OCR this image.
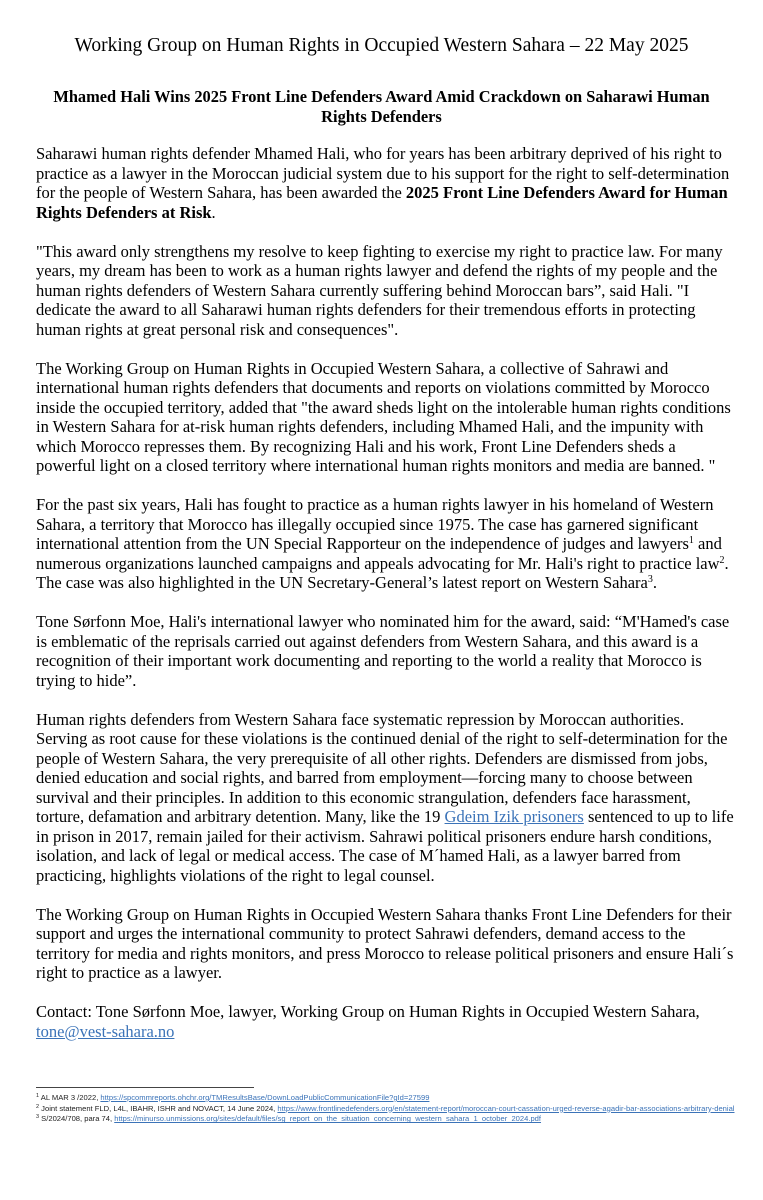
Working Group on Human Rights in Occupied Western Sahara – 22 May 2025
Mhamed Hali Wins 2025 Front Line Defenders Award Amid Crackdown on Saharawi Human Rights Defenders

Saharawi human rights defender Mhamed Hali, who for years has been arbitrary deprived of his right to practice as a lawyer in the Moroccan judicial system due to his support for the right to self-determination for the people of Western Sahara, has been awarded the 2025 Front Line Defenders Award for Human Rights Defenders at Risk.

"This award only strengthens my resolve to keep fighting to exercise my right to practice law. For many years, my dream has been to work as a human rights lawyer and defend the rights of my people and the human rights defenders of Western Sahara currently suffering behind Moroccan bars”, said Hali. "I dedicate the award to all Saharawi human rights defenders for their tremendous efforts in protecting human rights at great personal risk and consequences".

The Working Group on Human Rights in Occupied Western Sahara, a collective of Sahrawi and international human rights defenders that documents and reports on violations committed by Morocco inside the occupied territory, added that "the award sheds light on the intolerable human rights conditions in Western Sahara for at-risk human rights defenders, including Mhamed Hali, and the impunity with which Morocco represses them. By recognizing Hali and his work, Front Line Defenders sheds a powerful light on a closed territory where international human rights monitors and media are banned. "

For the past six years, Hali has fought to practice as a human rights lawyer in his homeland of Western Sahara, a territory that Morocco has illegally occupied since 1975. The case has garnered significant international attention from the UN Special Rapporteur on the independence of judges and lawyers$^1$ and numerous organizations launched campaigns and appeals advocating for Mr. Hali's right to practice law$^2$. The case was also highlighted in the UN Secretary-General’s latest report on Western Sahara$^3$.

Tone Sørfonn Moe, Hali's international lawyer who nominated him for the award, said: “M'Hamed's case is emblematic of the reprisals carried out against defenders from Western Sahara, and this award is a recognition of their important work documenting and reporting to the world a reality that Morocco is trying to hide”.

Human rights defenders from Western Sahara face systematic repression by Moroccan authorities. Serving as root cause for these violations is the continued denial of the right to self-determination for the people of Western Sahara, the very prerequisite of all other rights. Defenders are dismissed from jobs, denied education and social rights, and barred from employment—forcing many to choose between survival and their principles. In addition to this economic strangulation, defenders face harassment, torture, defamation and arbitrary detention. Many, like the 19 Gdeim Izik prisoners sentenced to up to life in prison in 2017, remain jailed for their activism. Sahrawi political prisoners endure harsh conditions, isolation, and lack of legal or medical access. The case of M´hamed Hali, as a lawyer barred from practicing, highlights violations of the right to legal counsel.

The Working Group on Human Rights in Occupied Western Sahara thanks Front Line Defenders for their support and urges the international community to protect Sahrawi defenders, demand access to the territory for media and rights monitors, and press Morocco to release political prisoners and ensure Hali´s right to practice as a lawyer.

Contact: Tone Sørfonn Moe, lawyer, Working Group on Human Rights in Occupied Western Sahara, tone@vest-sahara.no

$^1$ AL MAR 3 /2022, https://spcommreports.ohchr.org/TMResultsBase/DownLoadPublicCommunicationFile?gId=27599

$^2$ Joint statement FLD, L4L, IBAHR, ISHR and NOVACT, 14 June 2024, https://www.frontlinedefenders.org/en/statement-report/moroccan-court-cassation-urged-reverse-agadir-bar-associations-arbitrary-denial

$^3$ S/2024/708, para 74, https://minurso.unmissions.org/sites/default/files/sg_report_on_the_situation_concerning_western_sahara_1_october_2024.pdf
